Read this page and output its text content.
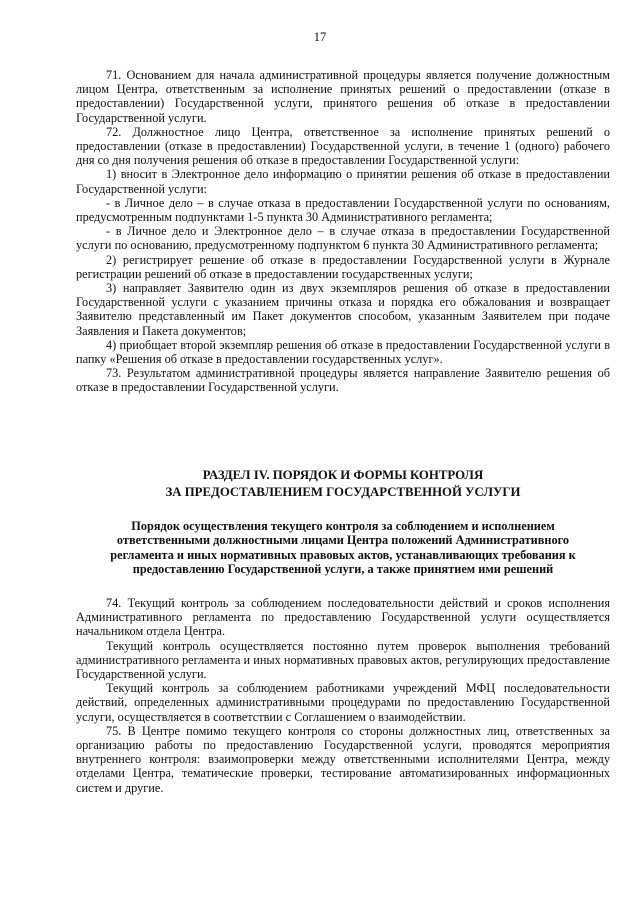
17

71. Основанием для начала административной процедуры является получение должностным лицом Центра, ответственным за исполнение принятых решений о предоставлении (отказе в предоставлении) Государственной услуги, принятого решения об отказе в предоставлении Государственной услуги.

72. Должностное лицо Центра, ответственное за исполнение принятых решений о предоставлении (отказе в предоставлении) Государственной услуги, в течение 1 (одного) рабочего дня со дня получения решения об отказе в предоставлении Государственной услуги:

1) вносит в Электронное дело информацию о принятии решения об отказе в предоставлении Государственной услуги:

- в Личное дело – в случае отказа в предоставлении Государственной услуги по основаниям, предусмотренным подпунктами 1-5 пункта 30 Административного регламента;

- в Личное дело и Электронное дело – в случае отказа в предоставлении Государственной услуги по основанию, предусмотренному подпунктом 6 пункта 30 Административного регламента;

2) регистрирует решение об отказе в предоставлении Государственной услуги в Журнале регистрации решений об отказе в предоставлении государственных услуги;

3) направляет Заявителю один из двух экземпляров решения об отказе в предоставлении Государственной услуги с указанием причины отказа и порядка его обжалования и возвращает Заявителю представленный им Пакет документов способом, указанным Заявителем при подаче Заявления и Пакета документов;

4) приобщает второй экземпляр решения об отказе в предоставлении Государственной услуги в папку «Решения об отказе в предоставлении государственных услуг».

73. Результатом административной процедуры является направление Заявителю решения об отказе в предоставлении Государственной услуги.

РАЗДЕЛ IV. ПОРЯДОК И ФОРМЫ КОНТРОЛЯ
ЗА ПРЕДОСТАВЛЕНИЕМ ГОСУДАРСТВЕННОЙ УСЛУГИ
Порядок осуществления текущего контроля за соблюдением и исполнением
ответственными должностными лицами Центра положений Административного
регламента и иных нормативных правовых актов, устанавливающих требования к
предоставлению Государственной услуги, а также принятием ими решений

74. Текущий контроль за соблюдением последовательности действий и сроков исполнения Административного регламента по предоставлению Государственной услуги осуществляется начальником отдела Центра.

Текущий контроль осуществляется постоянно путем проверок выполнения требований административного регламента и иных нормативных правовых актов, регулирующих предоставление Государственной услуги.

Текущий контроль за соблюдением работниками учреждений МФЦ последовательности действий, определенных административными процедурами по предоставлению Государственной услуги, осуществляется в соответствии с Соглашением о взаимодействии.

75. В Центре помимо текущего контроля со стороны должностных лиц, ответственных за организацию работы по предоставлению Государственной услуги, проводятся мероприятия внутреннего контроля: взаимопроверки между ответственными исполнителями Центра, между отделами Центра, тематические проверки, тестирование автоматизированных информационных систем и другие.
